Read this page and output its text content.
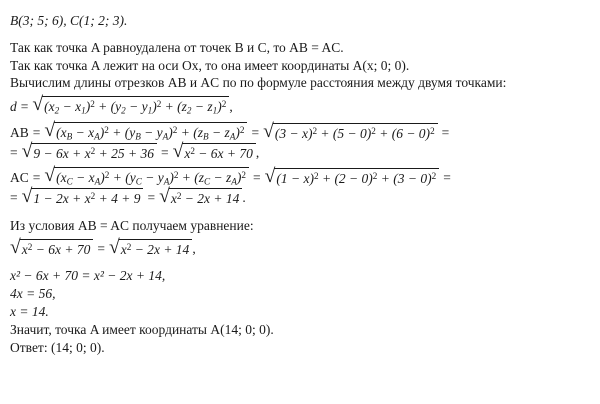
B(3; 5; 6), C(1; 2; 3).
Так как точка A равноудалена от точек B и C, то AB = AC.
Так как точка A лежит на оси Ox, то она имеет координаты A(x; 0; 0).
Вычислим длины отрезков AB и AC по по формуле расстояния между двумя точками:
d = √ $(x_2 - x_1)^2 + (y_2 - y_1)^2 + (z_2 - z_1)^2$ ,
AB = √ $(x_B - x_A)^2 + (y_B - y_A)^2 + (z_B - z_A)^2$ = √ $(3 - x)^2 + (5 - 0)^2 + (6 - 0)^2$ =
= √ $9 - 6x + x^2 + 25 + 36$ = √ $x^2 - 6x + 70$ ,
AC = √ $(x_C - x_A)^2 + (y_C - y_A)^2 + (z_C - z_A)^2$ = √ $(1 - x)^2 + (2 - 0)^2 + (3 - 0)^2$ =
= √ $1 - 2x + x^2 + 4 + 9$ = √ $x^2 - 2x + 14$ .
Из условия AB = AC получаем уравнение:
√ $x^2 - 6x + 70$ = √ $x^2 - 2x + 14$ ,
x² − 6x + 70 = x² − 2x + 14,
4x = 56,
x = 14.
Значит, точка A имеет координаты A(14; 0; 0).
Ответ: (14; 0; 0).
